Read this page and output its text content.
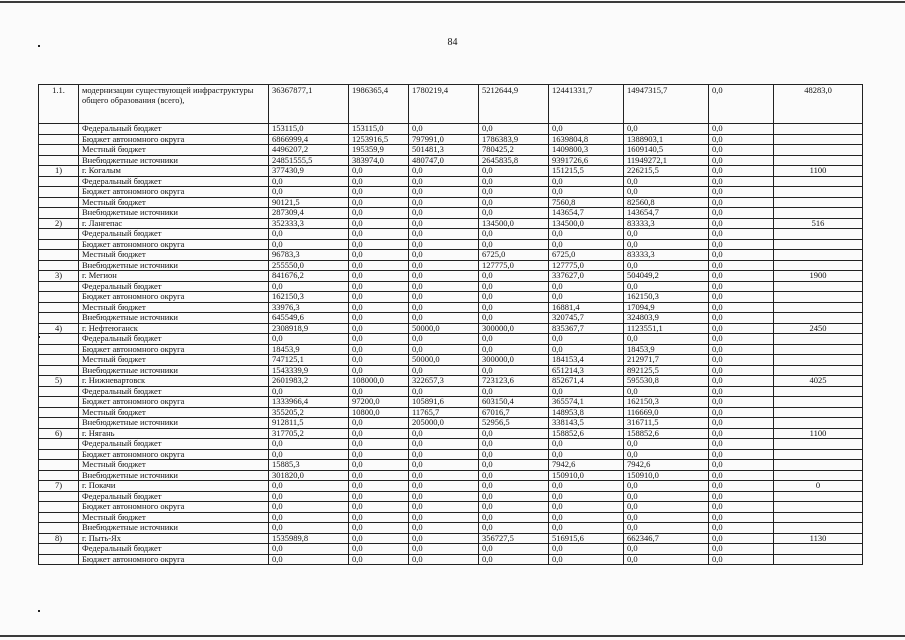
84
1.1.	модернизации существующей инфраструктуры общего образования (всего),	36367877,1	1986365,4	1780219,4	5212644,9	12441331,7	14947315,7	0,0	48283,0
	Федеральный бюджет	153115,0	153115,0	0,0	0,0	0,0	0,0	0,0	
	Бюджет автономного округа	6866999,4	1253916,5	797991,0	1786383,9	1639804,8	1388903,1	0,0	
	Местный бюджет	4496207,2	195359,9	501481,3	780425,2	1409800,3	1609140,5	0,0	
	Внебюджетные источники	24851555,5	383974,0	480747,0	2645835,8	9391726,6	11949272,1	0,0	
1)	г. Когалым	377430,9	0,0	0,0	0,0	151215,5	226215,5	0,0	1100
	Федеральный бюджет	0,0	0,0	0,0	0,0	0,0	0,0	0,0	
	Бюджет автономного округа	0,0	0,0	0,0	0,0	0,0	0,0	0,0	
	Местный бюджет	90121,5	0,0	0,0	0,0	7560,8	82560,8	0,0	
	Внебюджетные источники	287309,4	0,0	0,0	0,0	143654,7	143654,7	0,0	
2)	г. Лангепас	352333,3	0,0	0,0	134500,0	134500,0	83333,3	0,0	516
	Федеральный бюджет	0,0	0,0	0,0	0,0	0,0	0,0	0,0	
	Бюджет автономного округа	0,0	0,0	0,0	0,0	0,0	0,0	0,0	
	Местный бюджет	96783,3	0,0	0,0	6725,0	6725,0	83333,3	0,0	
	Внебюджетные источники	255550,0	0,0	0,0	127775,0	127775,0	0,0	0,0	
3)	г. Мегион	841676,2	0,0	0,0	0,0	337627,0	504049,2	0,0	1900
	Федеральный бюджет	0,0	0,0	0,0	0,0	0,0	0,0	0,0	
	Бюджет автономного округа	162150,3	0,0	0,0	0,0	0,0	162150,3	0,0	
	Местный бюджет	33976,3	0,0	0,0	0,0	16881,4	17094,9	0,0	
	Внебюджетные источники	645549,6	0,0	0,0	0,0	320745,7	324803,9	0,0	
4)	г. Нефтеюганск	2308918,9	0,0	50000,0	300000,0	835367,7	1123551,1	0,0	2450
	Федеральный бюджет	0,0	0,0	0,0	0,0	0,0	0,0	0,0	
	Бюджет автономного округа	18453,9	0,0	0,0	0,0	0,0	18453,9	0,0	
	Местный бюджет	747125,1	0,0	50000,0	300000,0	184153,4	212971,7	0,0	
	Внебюджетные источники	1543339,9	0,0	0,0	0,0	651214,3	892125,5	0,0	
5)	г. Нижневартовск	2601983,2	108000,0	322657,3	723123,6	852671,4	595530,8	0,0	4025
	Федеральный бюджет	0,0	0,0	0,0	0,0	0,0	0,0	0,0	
	Бюджет автономного округа	1333966,4	97200,0	105891,6	603150,4	365574,1	162150,3	0,0	
	Местный бюджет	355205,2	10800,0	11765,7	67016,7	148953,8	116669,0	0,0	
	Внебюджетные источники	912811,5	0,0	205000,0	52956,5	338143,5	316711,5	0,0	
6)	г. Нягань	317705,2	0,0	0,0	0,0	158852,6	158852,6	0,0	1100
	Федеральный бюджет	0,0	0,0	0,0	0,0	0,0	0,0	0,0	
	Бюджет автономного округа	0,0	0,0	0,0	0,0	0,0	0,0	0,0	
	Местный бюджет	15885,3	0,0	0,0	0,0	7942,6	7942,6	0,0	
	Внебюджетные источники	301820,0	0,0	0,0	0,0	150910,0	150910,0	0,0	
7)	г. Покачи	0,0	0,0	0,0	0,0	0,0	0,0	0,0	0
	Федеральный бюджет	0,0	0,0	0,0	0,0	0,0	0,0	0,0	
	Бюджет автономного округа	0,0	0,0	0,0	0,0	0,0	0,0	0,0	
	Местный бюджет	0,0	0,0	0,0	0,0	0,0	0,0	0,0	
	Внебюджетные источники	0,0	0,0	0,0	0,0	0,0	0,0	0,0	
8)	г. Пыть-Ях	1535989,8	0,0	0,0	356727,5	516915,6	662346,7	0,0	1130
	Федеральный бюджет	0,0	0,0	0,0	0,0	0,0	0,0	0,0	
	Бюджет автономного округа	0,0	0,0	0,0	0,0	0,0	0,0	0,0	
